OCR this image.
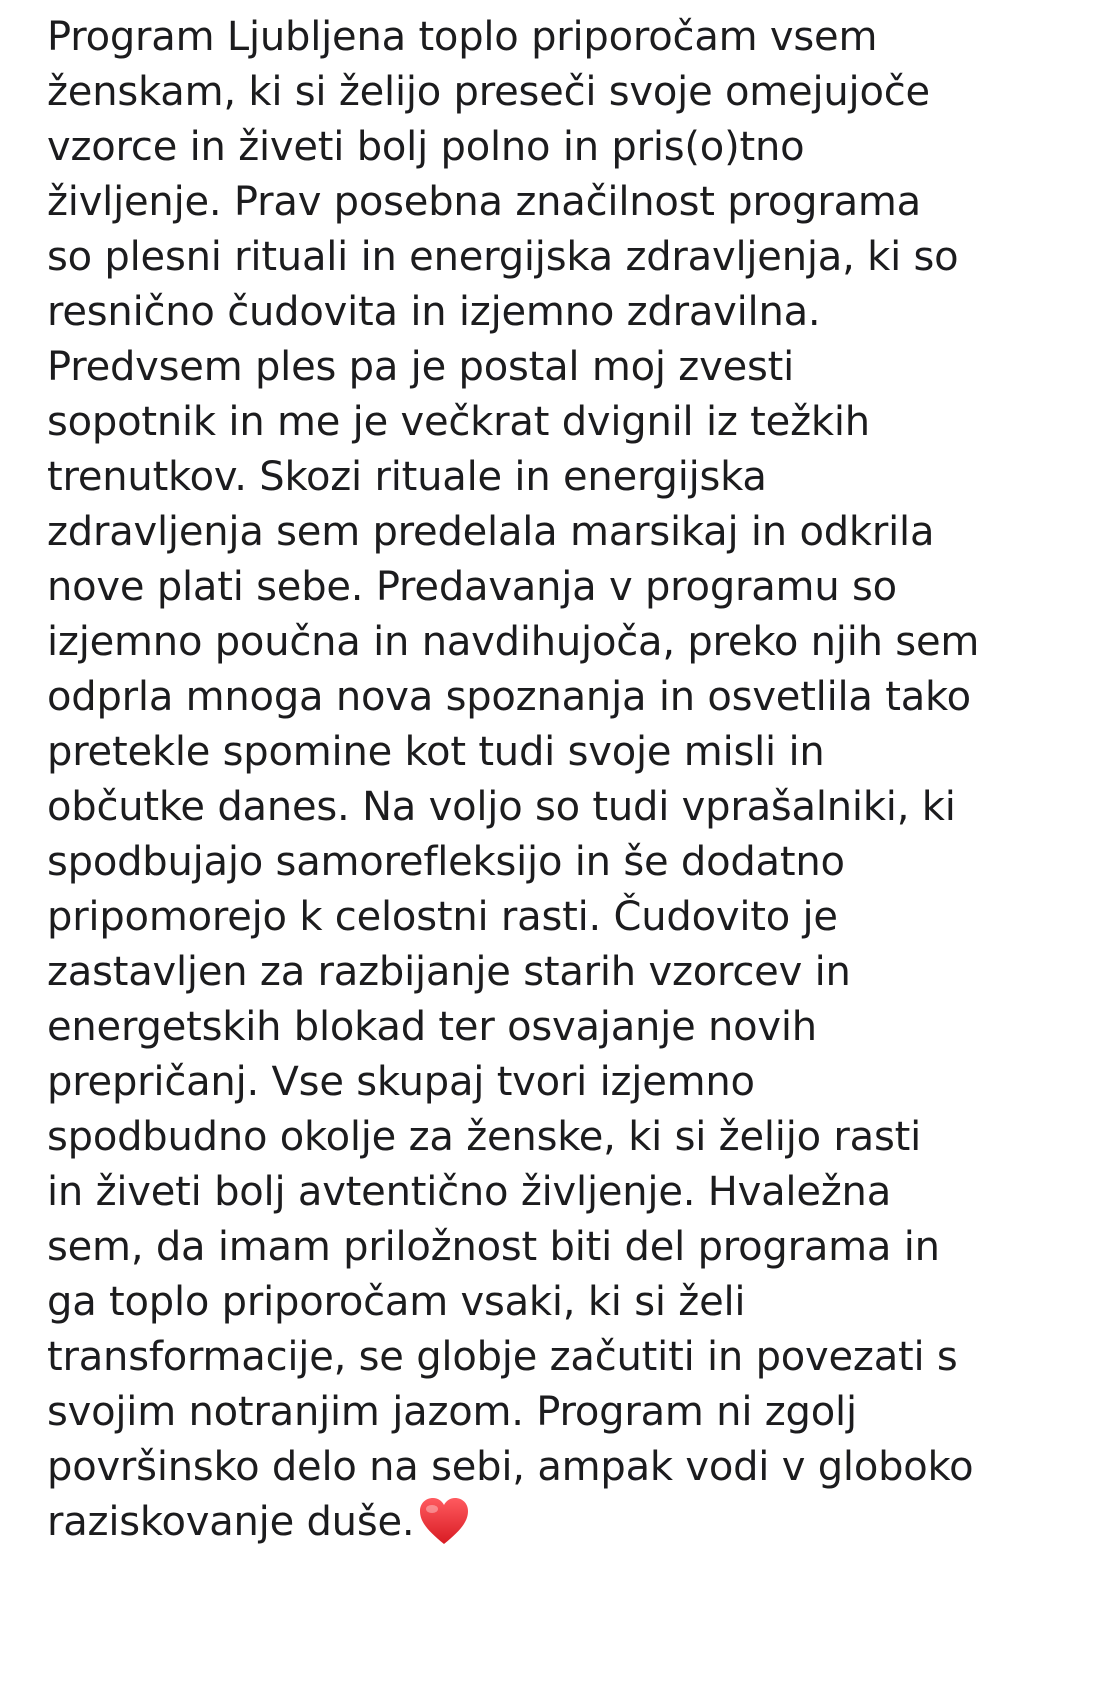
Program Ljubljena toplo priporočam vsem
ženskam, ki si želijo preseči svoje omejujoče
vzorce in živeti bolj polno in pris(o)tno
življenje. Prav posebna značilnost programa
so plesni rituali in energijska zdravljenja, ki so
resnično čudovita in izjemno zdravilna.
Predvsem ples pa je postal moj zvesti
sopotnik in me je večkrat dvignil iz težkih
trenutkov. Skozi rituale in energijska
zdravljenja sem predelala marsikaj in odkrila
nove plati sebe. Predavanja v programu so
izjemno poučna in navdihujoča, preko njih sem
odprla mnoga nova spoznanja in osvetlila tako
pretekle spomine kot tudi svoje misli in
občutke danes. Na voljo so tudi vprašalniki, ki
spodbujajo samorefleksijo in še dodatno
pripomorejo k celostni rasti. Čudovito je
zastavljen za razbijanje starih vzorcev in
energetskih blokad ter osvajanje novih
prepričanj. Vse skupaj tvori izjemno
spodbudno okolje za ženske, ki si želijo rasti
in živeti bolj avtentično življenje. Hvaležna
sem, da imam priložnost biti del programa in
ga toplo priporočam vsaki, ki si želi
transformacije, se globje začutiti in povezati s
svojim notranjim jazom. Program ni zgolj
površinsko delo na sebi, ampak vodi v globoko
raziskovanje duše.
